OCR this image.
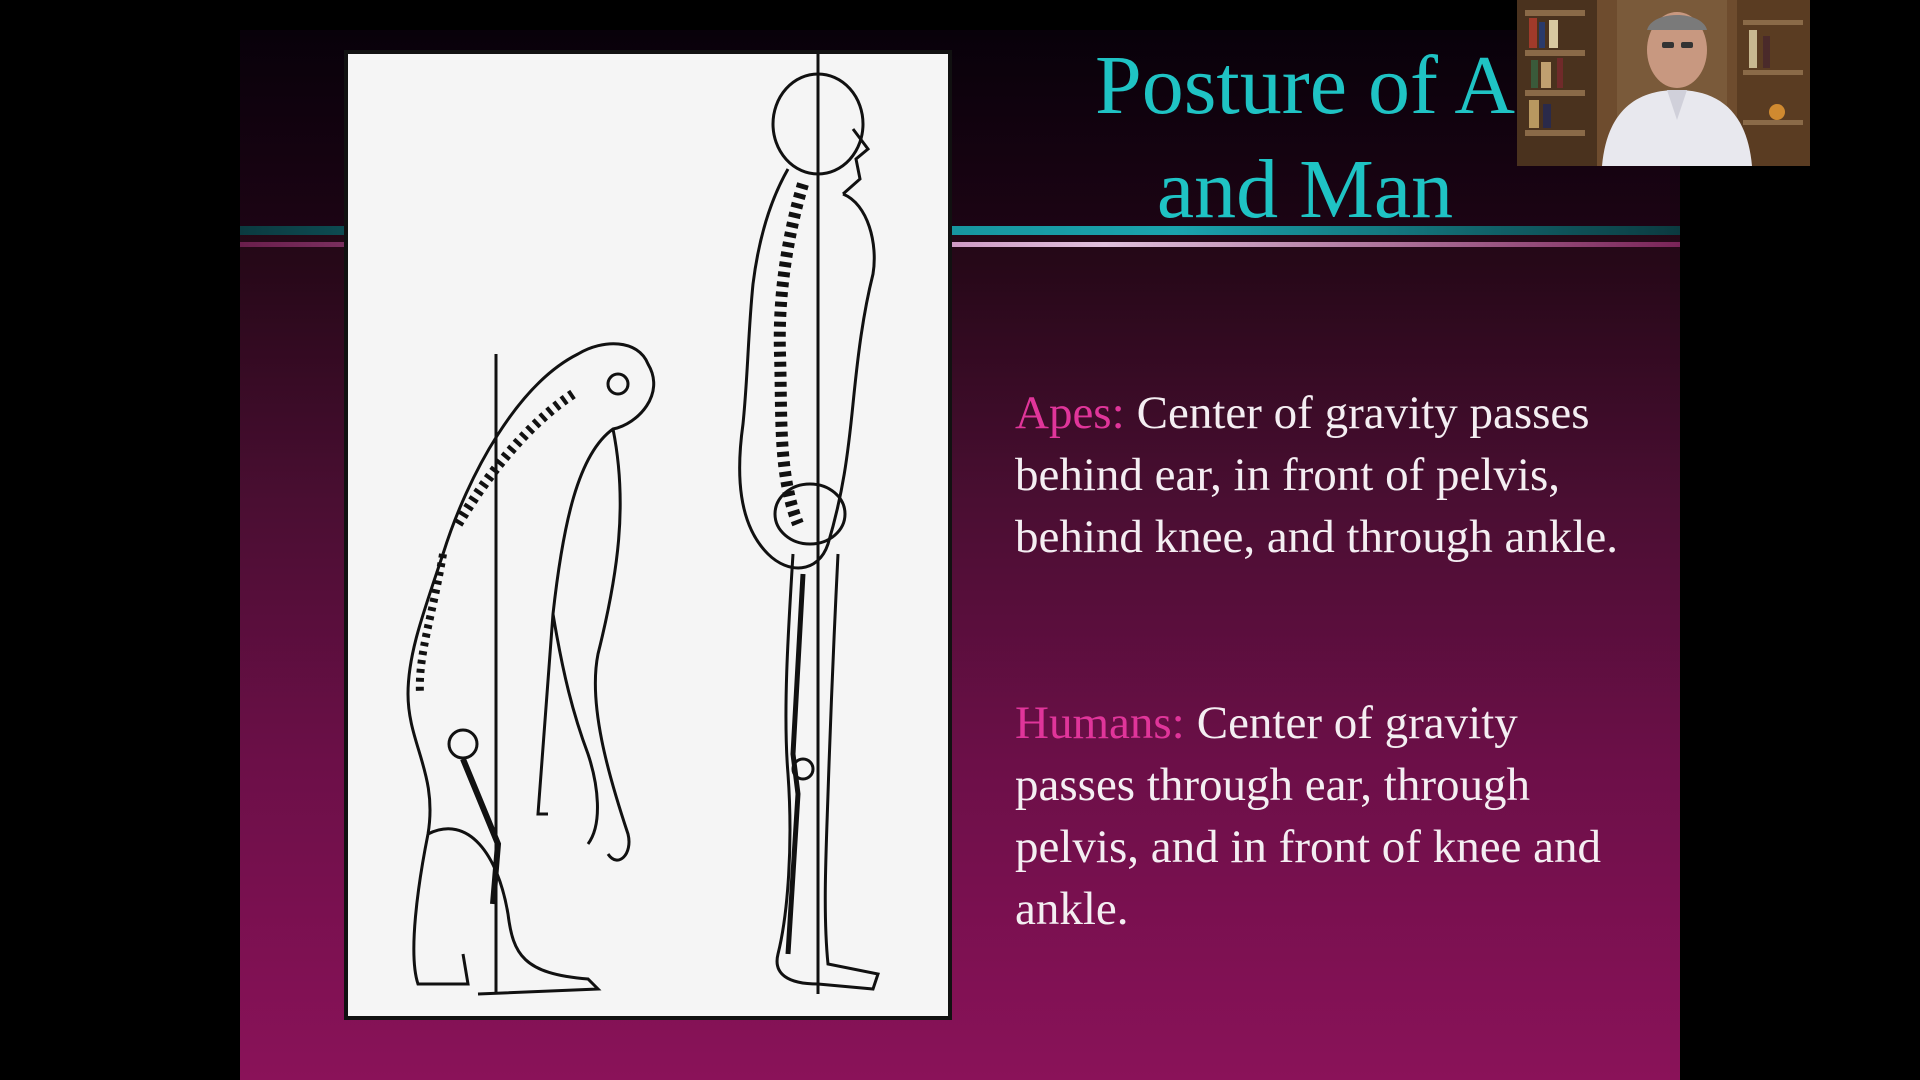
Posture of A
and Man
Apes: Center of gravity passes behind ear, in front of pelvis, behind knee, and through ankle.
Humans: Center of gravity passes through ear, through pelvis, and in front of knee and ankle.
